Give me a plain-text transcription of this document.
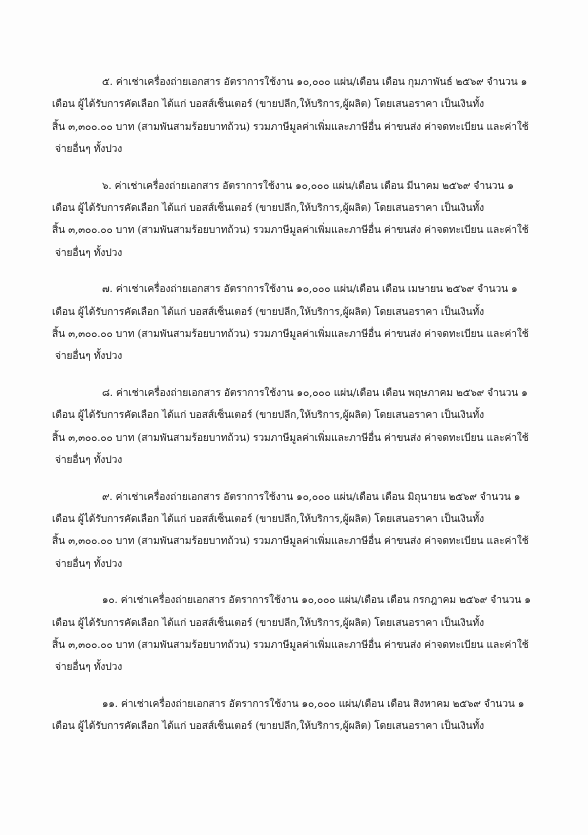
๕. ค่าเช่าเครื่องถ่ายเอกสาร อัตราการใช้งาน ๑๐,๐๐๐ แผ่น/เดือน เดือน กุมภาพันธ์ ๒๕๖๙ จำนวน ๑
เดือน ผู้ได้รับการคัดเลือก ได้แก่ บอสส์เซ็นเตอร์ (ขายปลีก,ให้บริการ,ผู้ผลิต) โดยเสนอราคา เป็นเงินทั้ง
สิ้น ๓,๓๐๐.๐๐ บาท (สามพันสามร้อยบาทถ้วน) รวมภาษีมูลค่าเพิ่มและภาษีอื่น ค่าขนส่ง ค่าจดทะเบียน และค่าใช้
จ่ายอื่นๆ ทั้งปวง
๖. ค่าเช่าเครื่องถ่ายเอกสาร อัตราการใช้งาน ๑๐,๐๐๐ แผ่น/เดือน เดือน มีนาคม ๒๕๖๙ จำนวน ๑
เดือน ผู้ได้รับการคัดเลือก ได้แก่ บอสส์เซ็นเตอร์ (ขายปลีก,ให้บริการ,ผู้ผลิต) โดยเสนอราคา เป็นเงินทั้ง
สิ้น ๓,๓๐๐.๐๐ บาท (สามพันสามร้อยบาทถ้วน) รวมภาษีมูลค่าเพิ่มและภาษีอื่น ค่าขนส่ง ค่าจดทะเบียน และค่าใช้
จ่ายอื่นๆ ทั้งปวง
๗. ค่าเช่าเครื่องถ่ายเอกสาร อัตราการใช้งาน ๑๐,๐๐๐ แผ่น/เดือน เดือน เมษายน ๒๕๖๙ จำนวน ๑
เดือน ผู้ได้รับการคัดเลือก ได้แก่ บอสส์เซ็นเตอร์ (ขายปลีก,ให้บริการ,ผู้ผลิต) โดยเสนอราคา เป็นเงินทั้ง
สิ้น ๓,๓๐๐.๐๐ บาท (สามพันสามร้อยบาทถ้วน) รวมภาษีมูลค่าเพิ่มและภาษีอื่น ค่าขนส่ง ค่าจดทะเบียน และค่าใช้
จ่ายอื่นๆ ทั้งปวง
๘. ค่าเช่าเครื่องถ่ายเอกสาร อัตราการใช้งาน ๑๐,๐๐๐ แผ่น/เดือน เดือน พฤษภาคม ๒๕๖๙ จำนวน ๑
เดือน ผู้ได้รับการคัดเลือก ได้แก่ บอสส์เซ็นเตอร์ (ขายปลีก,ให้บริการ,ผู้ผลิต) โดยเสนอราคา เป็นเงินทั้ง
สิ้น ๓,๓๐๐.๐๐ บาท (สามพันสามร้อยบาทถ้วน) รวมภาษีมูลค่าเพิ่มและภาษีอื่น ค่าขนส่ง ค่าจดทะเบียน และค่าใช้
จ่ายอื่นๆ ทั้งปวง
๙. ค่าเช่าเครื่องถ่ายเอกสาร อัตราการใช้งาน ๑๐,๐๐๐ แผ่น/เดือน เดือน มิถุนายน ๒๕๖๙ จำนวน ๑
เดือน ผู้ได้รับการคัดเลือก ได้แก่ บอสส์เซ็นเตอร์ (ขายปลีก,ให้บริการ,ผู้ผลิต) โดยเสนอราคา เป็นเงินทั้ง
สิ้น ๓,๓๐๐.๐๐ บาท (สามพันสามร้อยบาทถ้วน) รวมภาษีมูลค่าเพิ่มและภาษีอื่น ค่าขนส่ง ค่าจดทะเบียน และค่าใช้
จ่ายอื่นๆ ทั้งปวง
๑๐. ค่าเช่าเครื่องถ่ายเอกสาร อัตราการใช้งาน ๑๐,๐๐๐ แผ่น/เดือน เดือน กรกฎาคม ๒๕๖๙ จำนวน ๑
เดือน ผู้ได้รับการคัดเลือก ได้แก่ บอสส์เซ็นเตอร์ (ขายปลีก,ให้บริการ,ผู้ผลิต) โดยเสนอราคา เป็นเงินทั้ง
สิ้น ๓,๓๐๐.๐๐ บาท (สามพันสามร้อยบาทถ้วน) รวมภาษีมูลค่าเพิ่มและภาษีอื่น ค่าขนส่ง ค่าจดทะเบียน และค่าใช้
จ่ายอื่นๆ ทั้งปวง
๑๑. ค่าเช่าเครื่องถ่ายเอกสาร อัตราการใช้งาน ๑๐,๐๐๐ แผ่น/เดือน เดือน สิงหาคม ๒๕๖๙ จำนวน ๑
เดือน ผู้ได้รับการคัดเลือก ได้แก่ บอสส์เซ็นเตอร์ (ขายปลีก,ให้บริการ,ผู้ผลิต) โดยเสนอราคา เป็นเงินทั้ง
